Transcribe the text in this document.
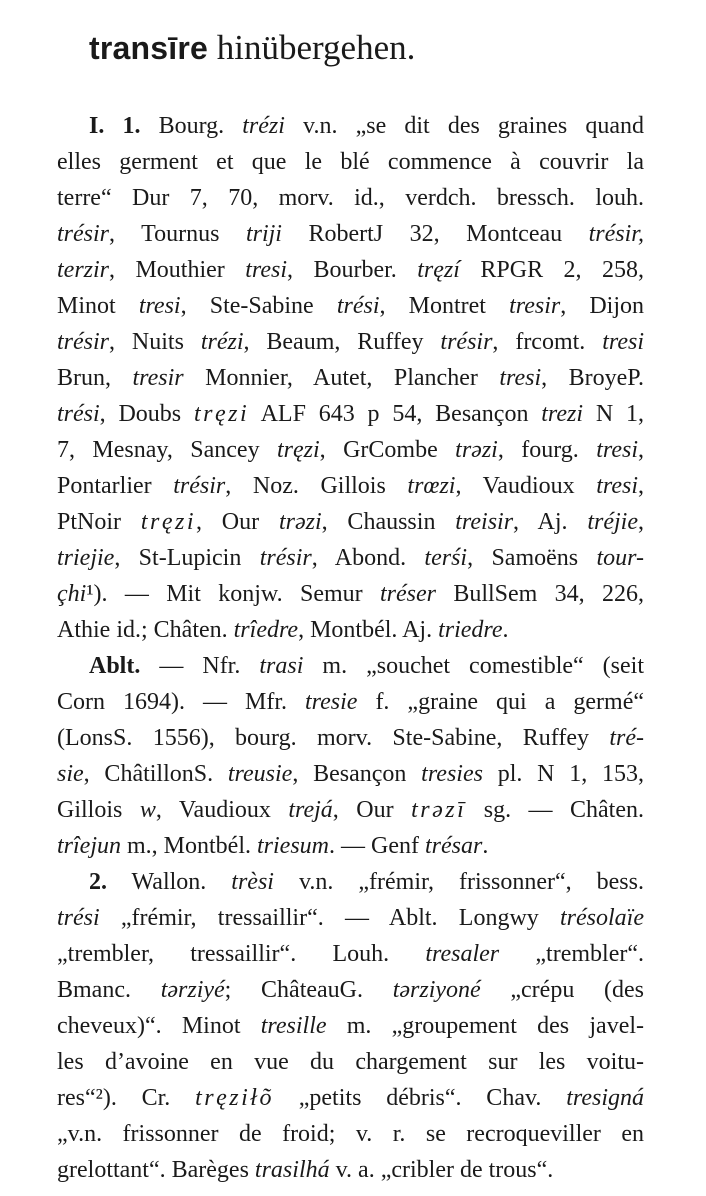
transīre hinübergehen.
I. 1. Bourg. trézi v.n. „se dit des graines quand
elles germent et que le blé commence à couvrir la
terre“ Dur 7, 70, morv. id., verdch. bressch. louh.
trésir, Tournus triji RobertJ 32, Montceau trésir,
terzir, Mouthier tresi, Bourber. tręzí RPGR 2, 258,
Minot tresi, Ste-Sabine trési, Montret tresir, Dijon
trésir, Nuits trézi, Beaum, Ruffey trésir, frcomt. tresi
Brun, tresir Monnier, Autet, Plancher tresi, BroyeP.
trési, Doubs tręzi ALF 643 p 54, Besançon trezi N 1,
7, Mesnay, Sancey tręzi, GrCombe trəzi, fourg. tresi,
Pontarlier trésir, Noz. Gillois trœzi, Vaudioux tresi,
PtNoir tręzi, Our trəzi, Chaussin treisir, Aj. tréjie,
triejie, St-Lupicin trésir, Abond. terśi, Samoëns tour-
çhi¹). — Mit konjw. Semur tréser BullSem 34, 226,
Athie id.; Châten. trîedre, Montbél. Aj. triedre.
Ablt. — Nfr. trasi m. „souchet comestible“ (seit
Corn 1694). — Mfr. tresie f. „graine qui a germé“
(LonsS. 1556), bourg. morv. Ste-Sabine, Ruffey tré-
sie, ChâtillonS. treusie, Besançon tresies pl. N 1, 153,
Gillois w, Vaudioux trejá, Our trəzī sg. — Châten.
trîejun m., Montbél. triesum. — Genf trésar.
2. Wallon. trèsi v.n. „frémir, frissonner“, bess.
trési „frémir, tressaillir“. — Ablt. Longwy trésolaïe
„trembler, tressaillir“. Louh. tresaler „trembler“.
Bmanc. tərziyé; ChâteauG. tərziyoné „crépu (des
cheveux)“. Minot tresille m. „groupement des javel-
les d’avoine en vue du chargement sur les voitu-
res“²). Cr. tręziłõ „petits débris“. Chav. tresigná
„v.n. frissonner de froid; v. r. se recroqueviller en
grelottant“. Barèges trasilhá v. a. „cribler de trous“.
